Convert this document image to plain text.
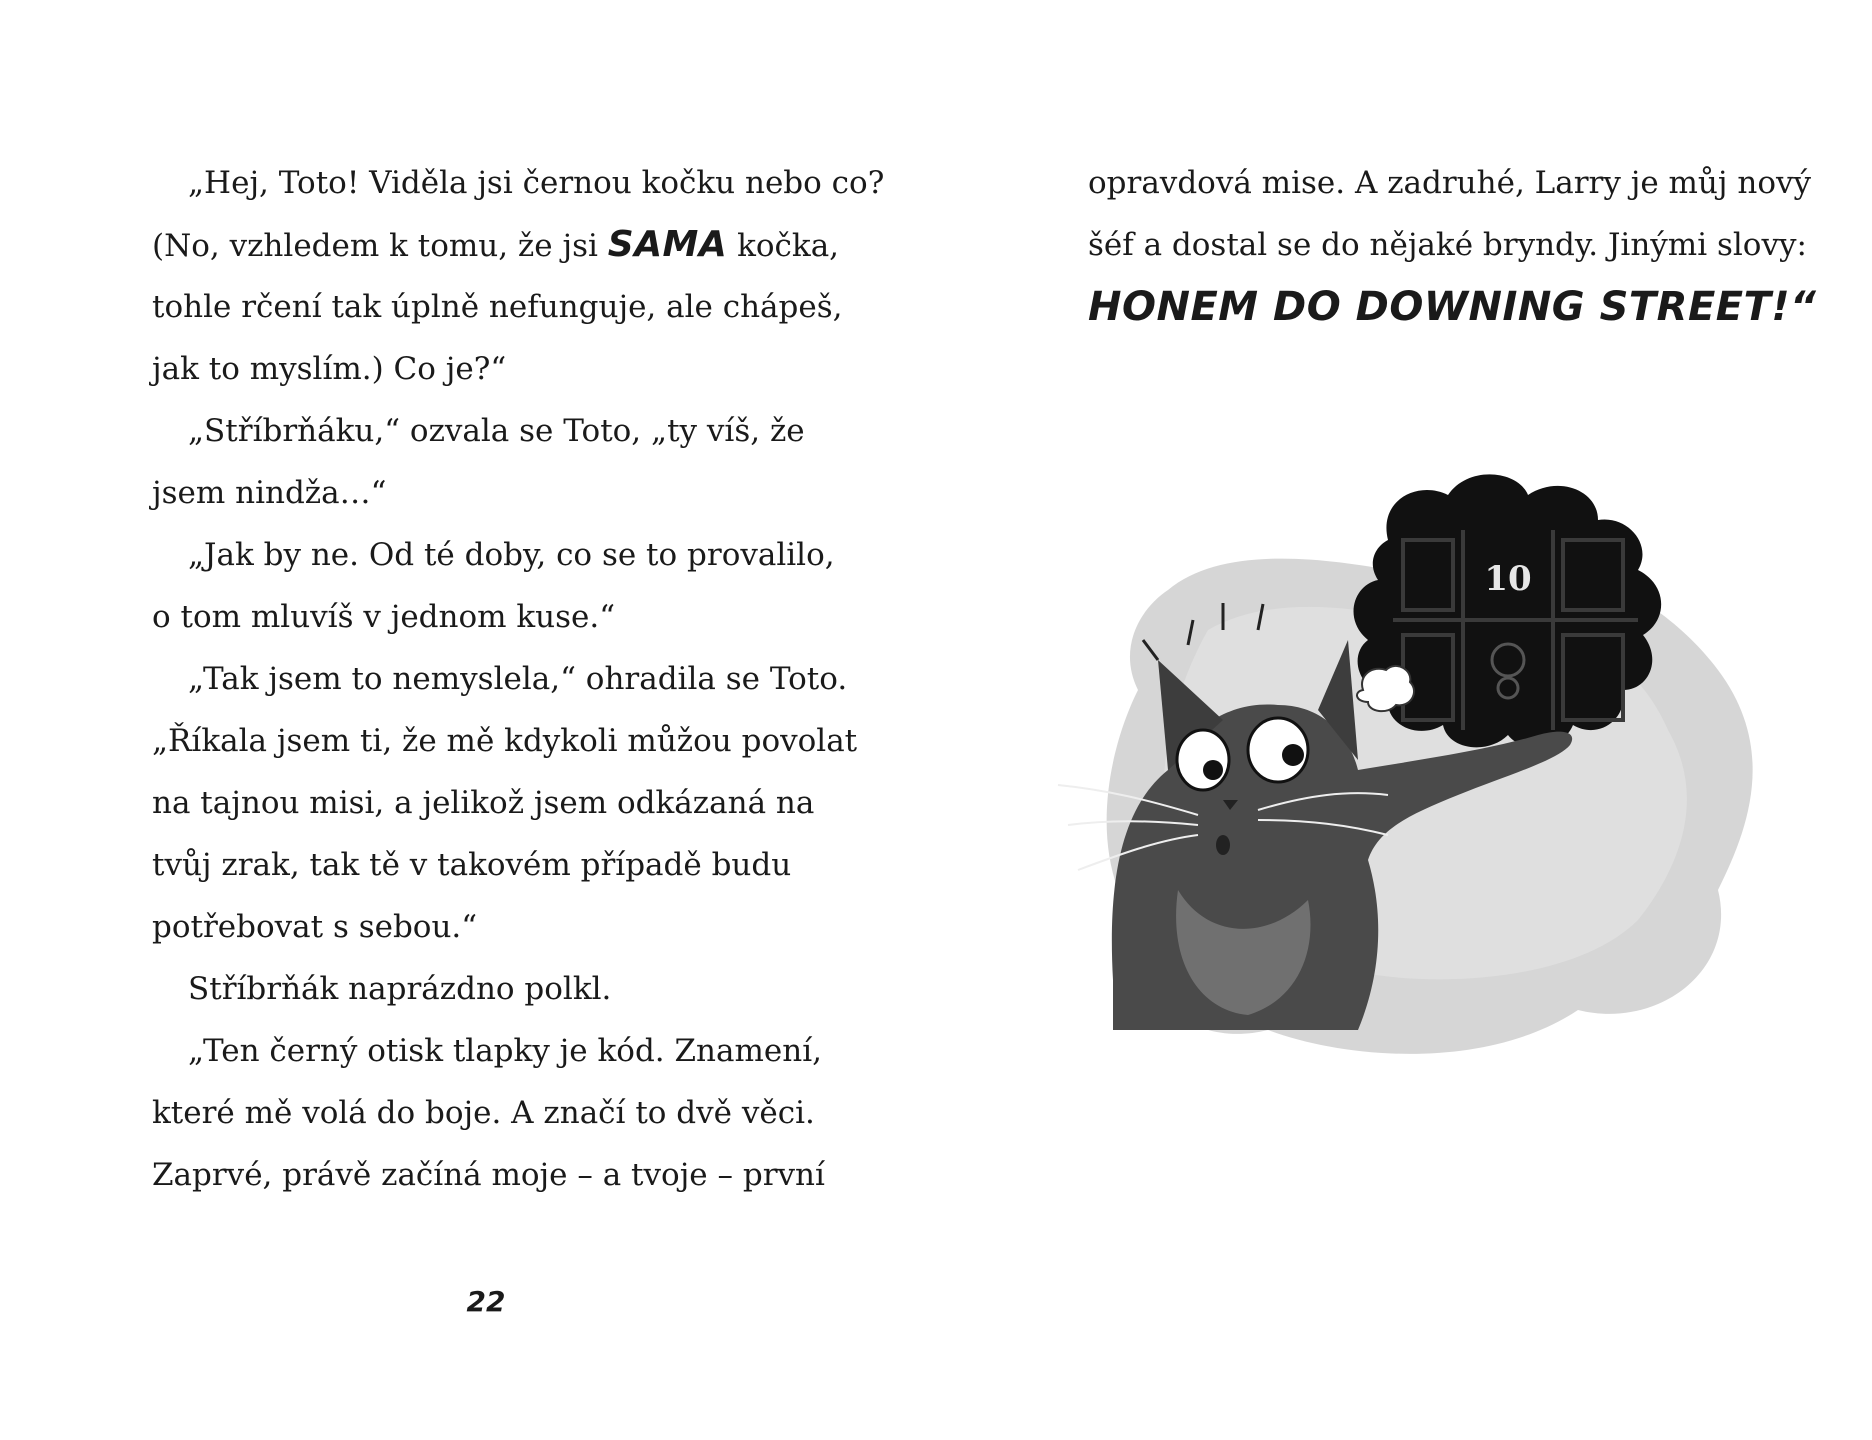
„Hej, Toto! Viděla jsi černou kočku nebo co?
(No, vzhledem k tomu, že jsi SAMA kočka,
tohle rčení tak úplně nefunguje, ale chápeš,
jak to myslím.) Co je?“
„Stříbrňáku,“ ozvala se Toto, „ty víš, že
jsem nindža…“
„Jak by ne. Od té doby, co se to provalilo,
o tom mluvíš v jednom kuse.“
„Tak jsem to nemyslela,“ ohradila se Toto.
„Říkala jsem ti, že mě kdykoli můžou povolat
na tajnou misi, a jelikož jsem odkázaná na
tvůj zrak, tak tě v takovém případě budu
potřebovat s sebou.“
Stříbrňák naprázdno polkl.
„Ten černý otisk tlapky je kód. Znamení,
které mě volá do boje. A značí to dvě věci.
Zaprvé, právě začíná moje – a tvoje – první
22
opravdová mise. A zadruhé, Larry je můj nový
šéf a dostal se do nějaké bryndy. Jinými slovy:
HONEM DO DOWNING STREET!“
10
